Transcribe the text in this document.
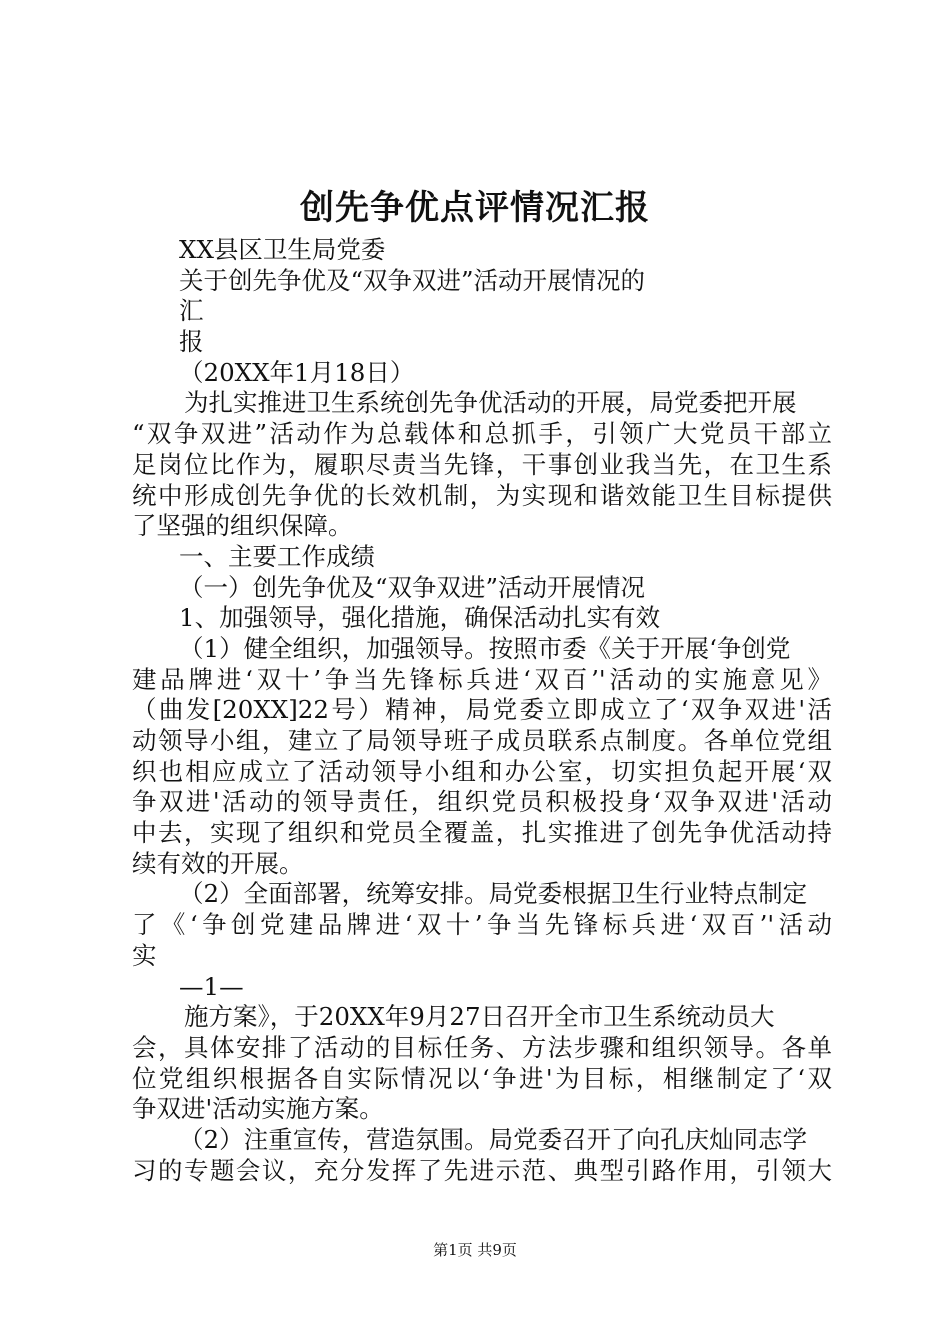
创先争优点评情况汇报
XX县区卫生局党委
关于创先争优及“双争双进”活动开展情况的
汇
报
（20XX年1月18日）
为扎实推进卫生系统创先争优活动的开展，局党委把开展
“双争双进”活动作为总载体和总抓手，引领广大党员干部立
足岗位比作为，履职尽责当先锋，干事创业我当先，在卫生系
统中形成创先争优的长效机制，为实现和谐效能卫生目标提供
了坚强的组织保障。
一、主要工作成绩
（一）创先争优及“双争双进”活动开展情况
1、加强领导，强化措施，确保活动扎实有效
（1）健全组织，加强领导。按照市委《关于开展‘争创党
建品牌进‘双十’争当先锋标兵进‘双百’'活动的实施意见》
（曲发[20XX]22号）精神，局党委立即成立了‘双争双进'活
动领导小组，建立了局领导班子成员联系点制度。各单位党组
织也相应成立了活动领导小组和办公室，切实担负起开展‘双
争双进'活动的领导责任，组织党员积极投身‘双争双进'活动
中去，实现了组织和党员全覆盖，扎实推进了创先争优活动持
续有效的开展。
（2）全面部署，统筹安排。局党委根据卫生行业特点制定
了《‘争创党建品牌进‘双十’争当先锋标兵进‘双百’'活动
实
—1—
施方案》，于20XX年9月27日召开全市卫生系统动员大
会，具体安排了活动的目标任务、方法步骤和组织领导。各单
位党组织根据各自实际情况以‘争进'为目标，相继制定了‘双
争双进'活动实施方案。
（2）注重宣传，营造氛围。局党委召开了向孔庆灿同志学
习的专题会议，充分发挥了先进示范、典型引路作用，引领大
第1页 共9页
